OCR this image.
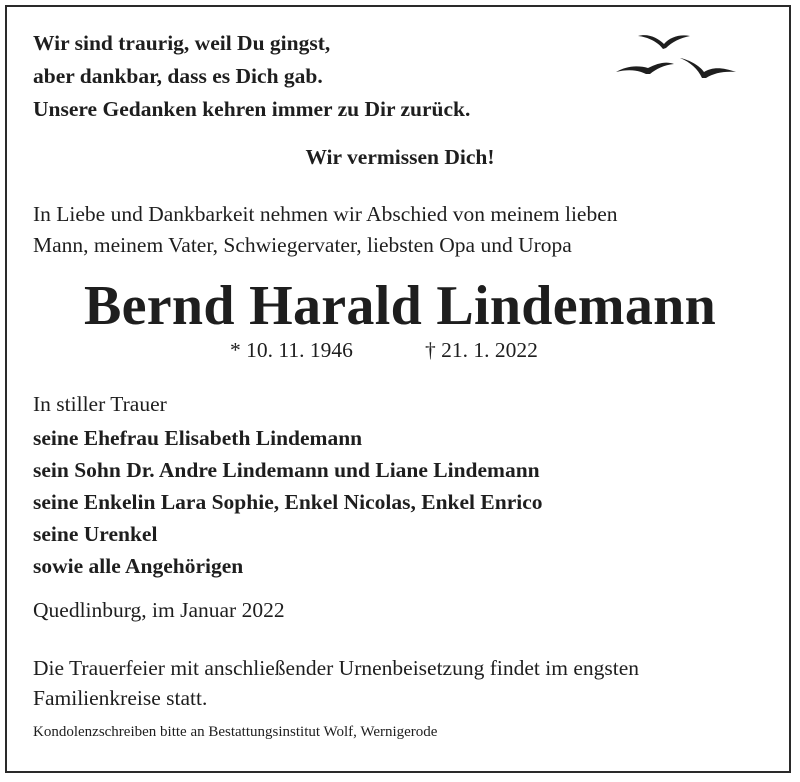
Wir sind traurig, weil Du gingst,
aber dankbar, dass es Dich gab.
Unsere Gedanken kehren immer zu Dir zurück.
Wir vermissen Dich!
In Liebe und Dankbarkeit nehmen wir Abschied von meinem lieben
Mann, meinem Vater, Schwiegervater, liebsten Opa und Uropa
Bernd Harald Lindemann
* 10. 11. 1946	† 21. 1. 2022
In stiller Trauer
seine Ehefrau Elisabeth Lindemann
sein Sohn Dr. Andre Lindemann und Liane Lindemann
seine Enkelin Lara Sophie, Enkel Nicolas, Enkel Enrico
seine Urenkel
sowie alle Angehörigen
Quedlinburg, im Januar 2022
Die Trauerfeier mit anschließender Urnenbeisetzung findet im engsten
Familienkreise statt.
Kondolenzschreiben bitte an Bestattungsinstitut Wolf, Wernigerode
